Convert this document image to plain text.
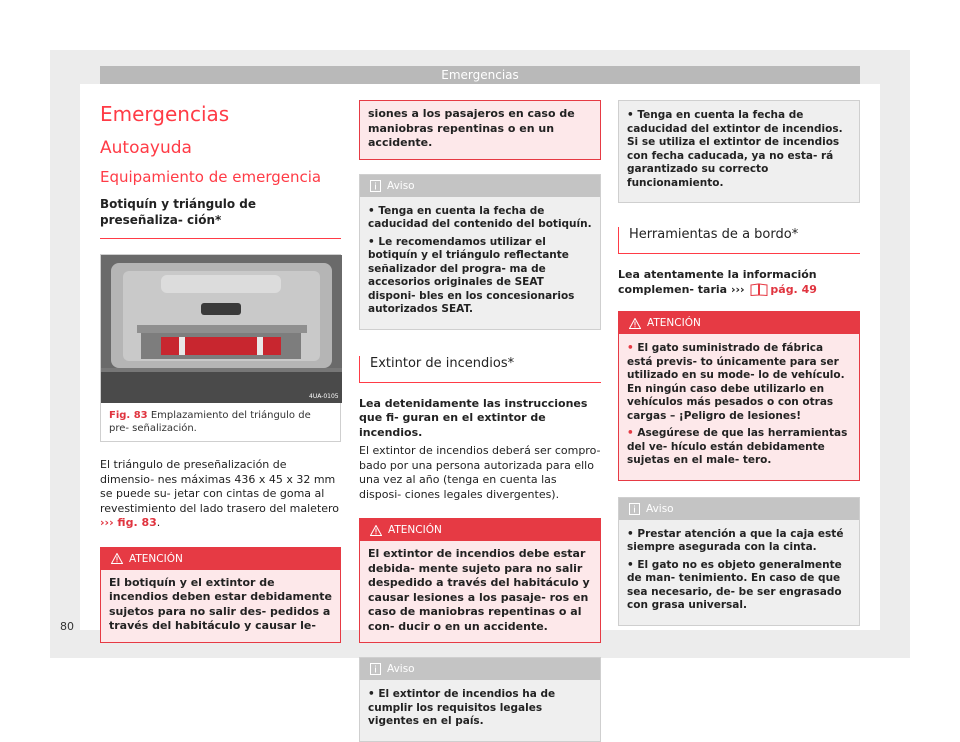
Emergencias
Emergencias
Autoayuda
Equipamiento de emergencia
Botiquín y triángulo de preseñaliza- ción*
4UA-0105
Fig. 83 Emplazamiento del triángulo de pre- señalización.

El triángulo de preseñalización de dimensio- nes máximas 436 x 45 x 32 mm se puede su- jetar con cintas de goma al revestimiento del lado trasero del maletero ››› fig. 83.

ATENCIÓN

El botiquín y el extintor de incendios deben estar debidamente sujetos para no salir des- pedidos a través del habitáculo y causar le-

siones a los pasajeros en caso de maniobras repentinas o en un accidente.

Aviso
• Tenga en cuenta la fecha de caducidad del contenido del botiquín.
• Le recomendamos utilizar el botiquín y el triángulo reflectante señalizador del progra- ma de accesorios originales de SEAT disponi- bles en los concesionarios autorizados SEAT.
Extintor de incendios*

Lea detenidamente las instrucciones que fi- guran en el extintor de incendios.

El extintor de incendios deberá ser compro- bado por una persona autorizada para ello una vez al año (tenga en cuenta las disposi- ciones legales divergentes).

ATENCIÓN

El extintor de incendios debe estar debida- mente sujeto para no salir despedido a través del habitáculo y causar lesiones a los pasaje- ros en caso de maniobras repentinas o al con- ducir o en un accidente.

Aviso
• El extintor de incendios ha de cumplir los requisitos legales vigentes en el país.
• Tenga en cuenta la fecha de caducidad del extintor de incendios. Si se utiliza el extintor de incendios con fecha caducada, ya no esta- rá garantizado su correcto funcionamiento.
Herramientas de a bordo*

Lea atentamente la información complemen- taria ››› pág. 49

ATENCIÓN
• El gato suministrado de fábrica está previs- to únicamente para ser utilizado en su mode- lo de vehículo. En ningún caso debe utilizarlo en vehículos más pesados o con otras cargas – ¡Peligro de lesiones!
• Asegúrese de que las herramientas del ve- hículo están debidamente sujetas en el male- tero.
Aviso
• Prestar atención a que la caja esté siempre asegurada con la cinta.
• El gato no es objeto generalmente de man- tenimiento. En caso de que sea necesario, de- be ser engrasado con grasa universal.
80
